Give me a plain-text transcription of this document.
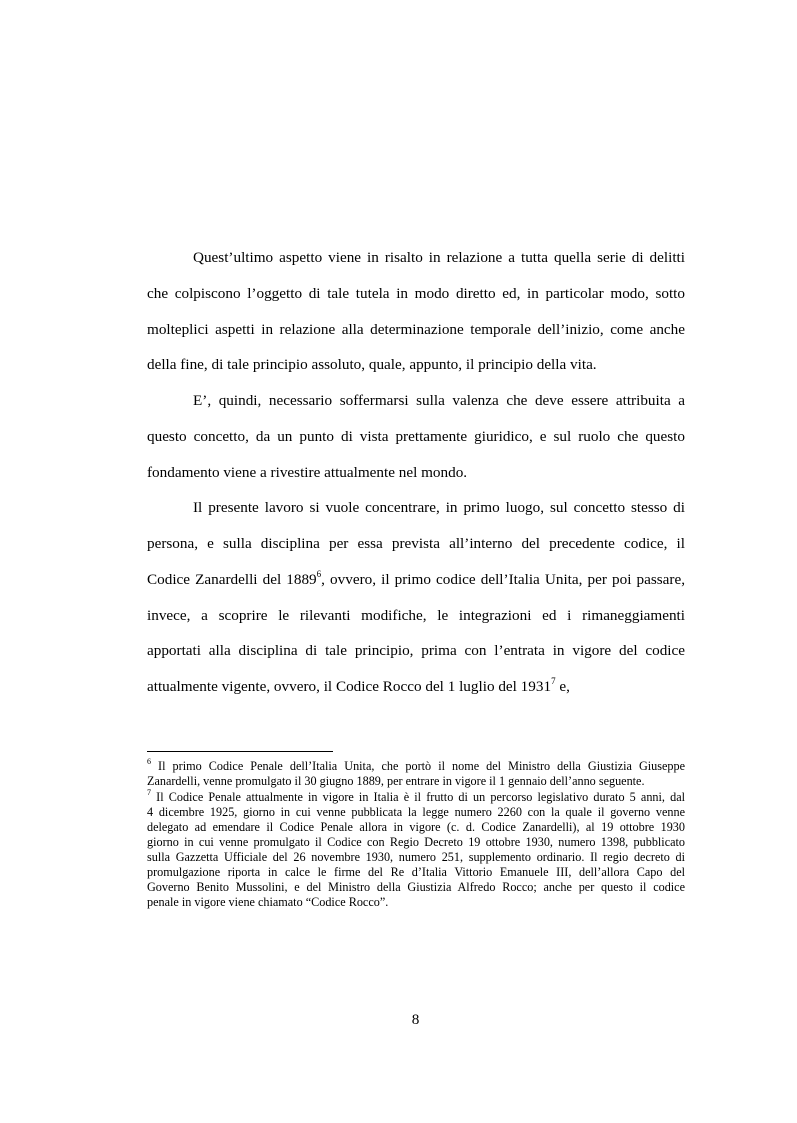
Quest’ultimo aspetto viene in risalto in relazione a tutta quella serie di delitti
che colpiscono l’oggetto di tale tutela in modo diretto ed, in particolar modo, sotto
molteplici aspetti in relazione alla determinazione temporale dell’inizio, come anche
della fine, di tale principio assoluto, quale, appunto, il principio della vita.
E’, quindi, necessario soffermarsi sulla valenza che deve essere attribuita a
questo concetto, da un punto di vista prettamente giuridico, e sul ruolo che questo
fondamento viene a rivestire attualmente nel mondo.
Il presente lavoro si vuole concentrare, in primo luogo, sul concetto stesso di
persona, e sulla disciplina per essa prevista all’interno del precedente codice, il
Codice Zanardelli del 1889$^6$, ovvero, il primo codice dell’Italia Unita, per poi passare,
invece, a scoprire le rilevanti modifiche, le integrazioni ed i rimaneggiamenti
apportati alla disciplina di tale principio, prima con l’entrata in vigore del codice
attualmente vigente, ovvero, il Codice Rocco del 1 luglio del 1931$^7$ e,
$^6$ Il primo Codice Penale dell’Italia Unita, che portò il nome del Ministro della Giustizia Giuseppe
Zanardelli, venne promulgato il 30 giugno 1889, per entrare in vigore il 1 gennaio dell’anno seguente.
$^7$ Il Codice Penale attualmente in vigore in Italia è il frutto di un percorso legislativo durato 5 anni, dal
4 dicembre 1925, giorno in cui venne pubblicata la legge numero 2260 con la quale il governo venne
delegato ad emendare il Codice Penale allora in vigore (c. d. Codice Zanardelli), al 19 ottobre 1930
giorno in cui venne promulgato il Codice con Regio Decreto 19 ottobre 1930, numero 1398, pubblicato
sulla Gazzetta Ufficiale del 26 novembre 1930, numero 251, supplemento ordinario. Il regio decreto di
promulgazione riporta in calce le firme del Re d’Italia Vittorio Emanuele III, dell’allora Capo del
Governo Benito Mussolini, e del Ministro della Giustizia Alfredo Rocco; anche per questo il codice
penale in vigore viene chiamato “Codice Rocco”.
8
